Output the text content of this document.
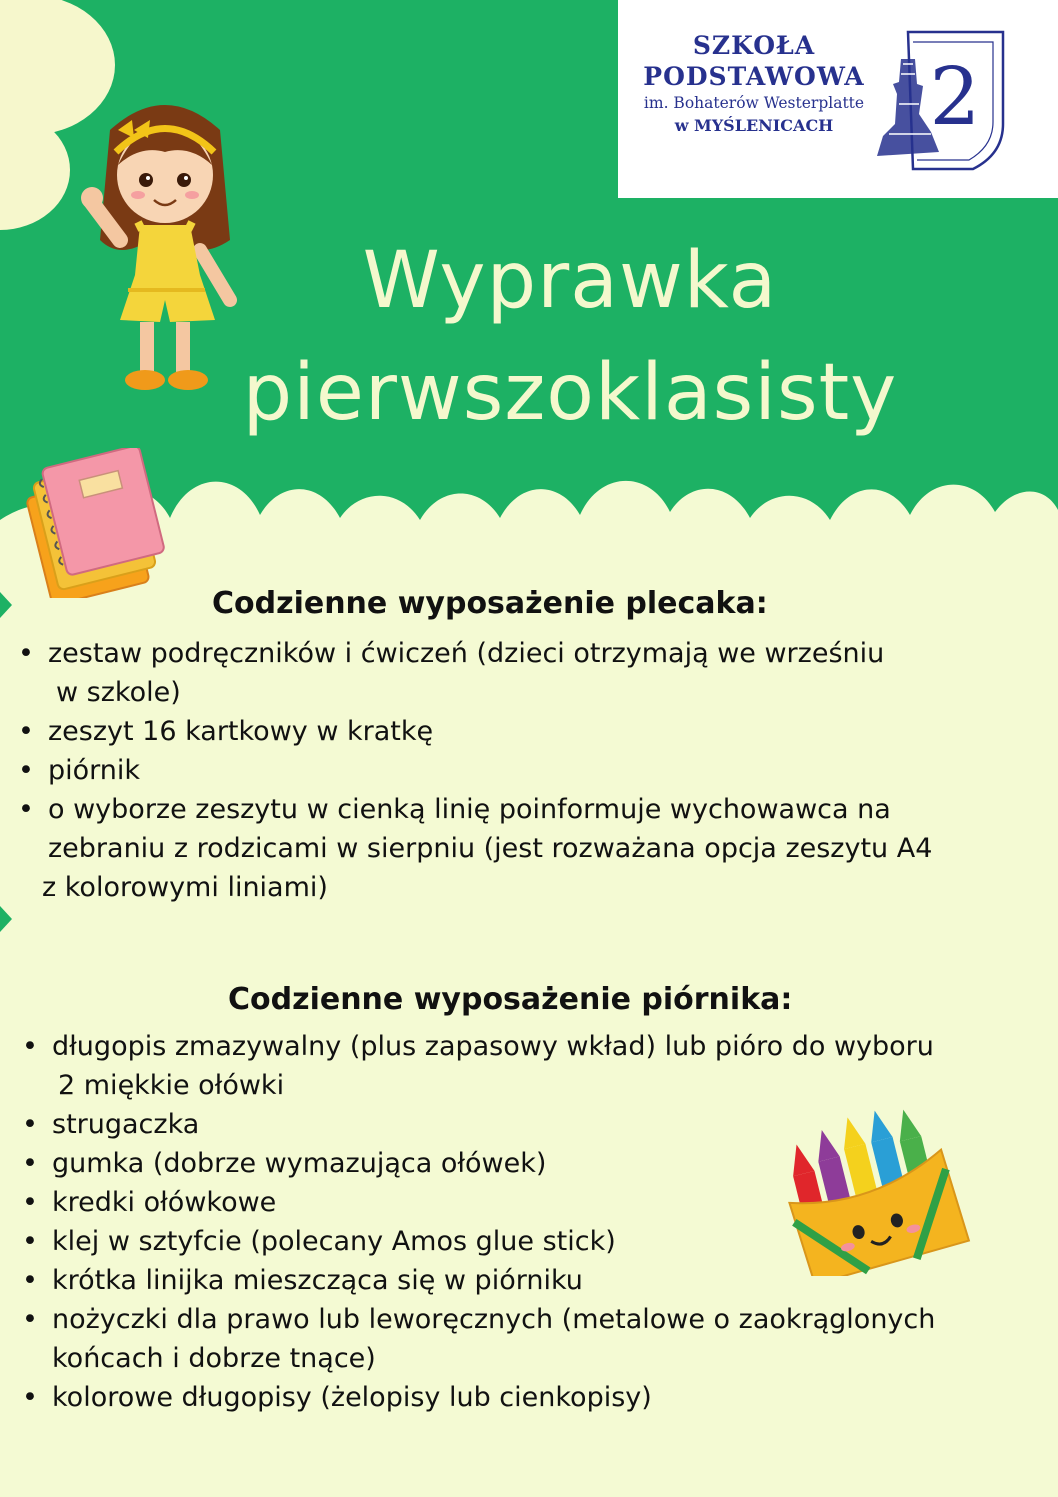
SZKOŁA
PODSTAWOWA
im. Bohaterów Westerplatte
w MYŚLENICACH	2
Wyprawka
pierwszoklasisty
Codzienne wyposażenie plecaka:
• zestaw podręczników i ćwiczeń (dzieci otrzymają we wrześniu
w szkole)
• zeszyt 16 kartkowy w kratkę
• piórnik
• o wyborze zeszytu w cienką linię poinformuje wychowawca na
zebraniu z rodzicami w sierpniu (jest rozważana opcja zeszytu A4
z kolorowymi liniami)
Codzienne wyposażenie piórnika:
• długopis zmazywalny (plus zapasowy wkład) lub pióro do wyboru
2 miękkie ołówki
• strugaczka
• gumka (dobrze wymazująca ołówek)
• kredki ołówkowe
• klej w sztyfcie (polecany Amos glue stick)
• krótka linijka mieszcząca się w piórniku
• nożyczki dla prawo lub leworęcznych (metalowe o zaokrąglonych
końcach i dobrze tnące)
• kolorowe długopisy (żelopisy lub cienkopisy)
